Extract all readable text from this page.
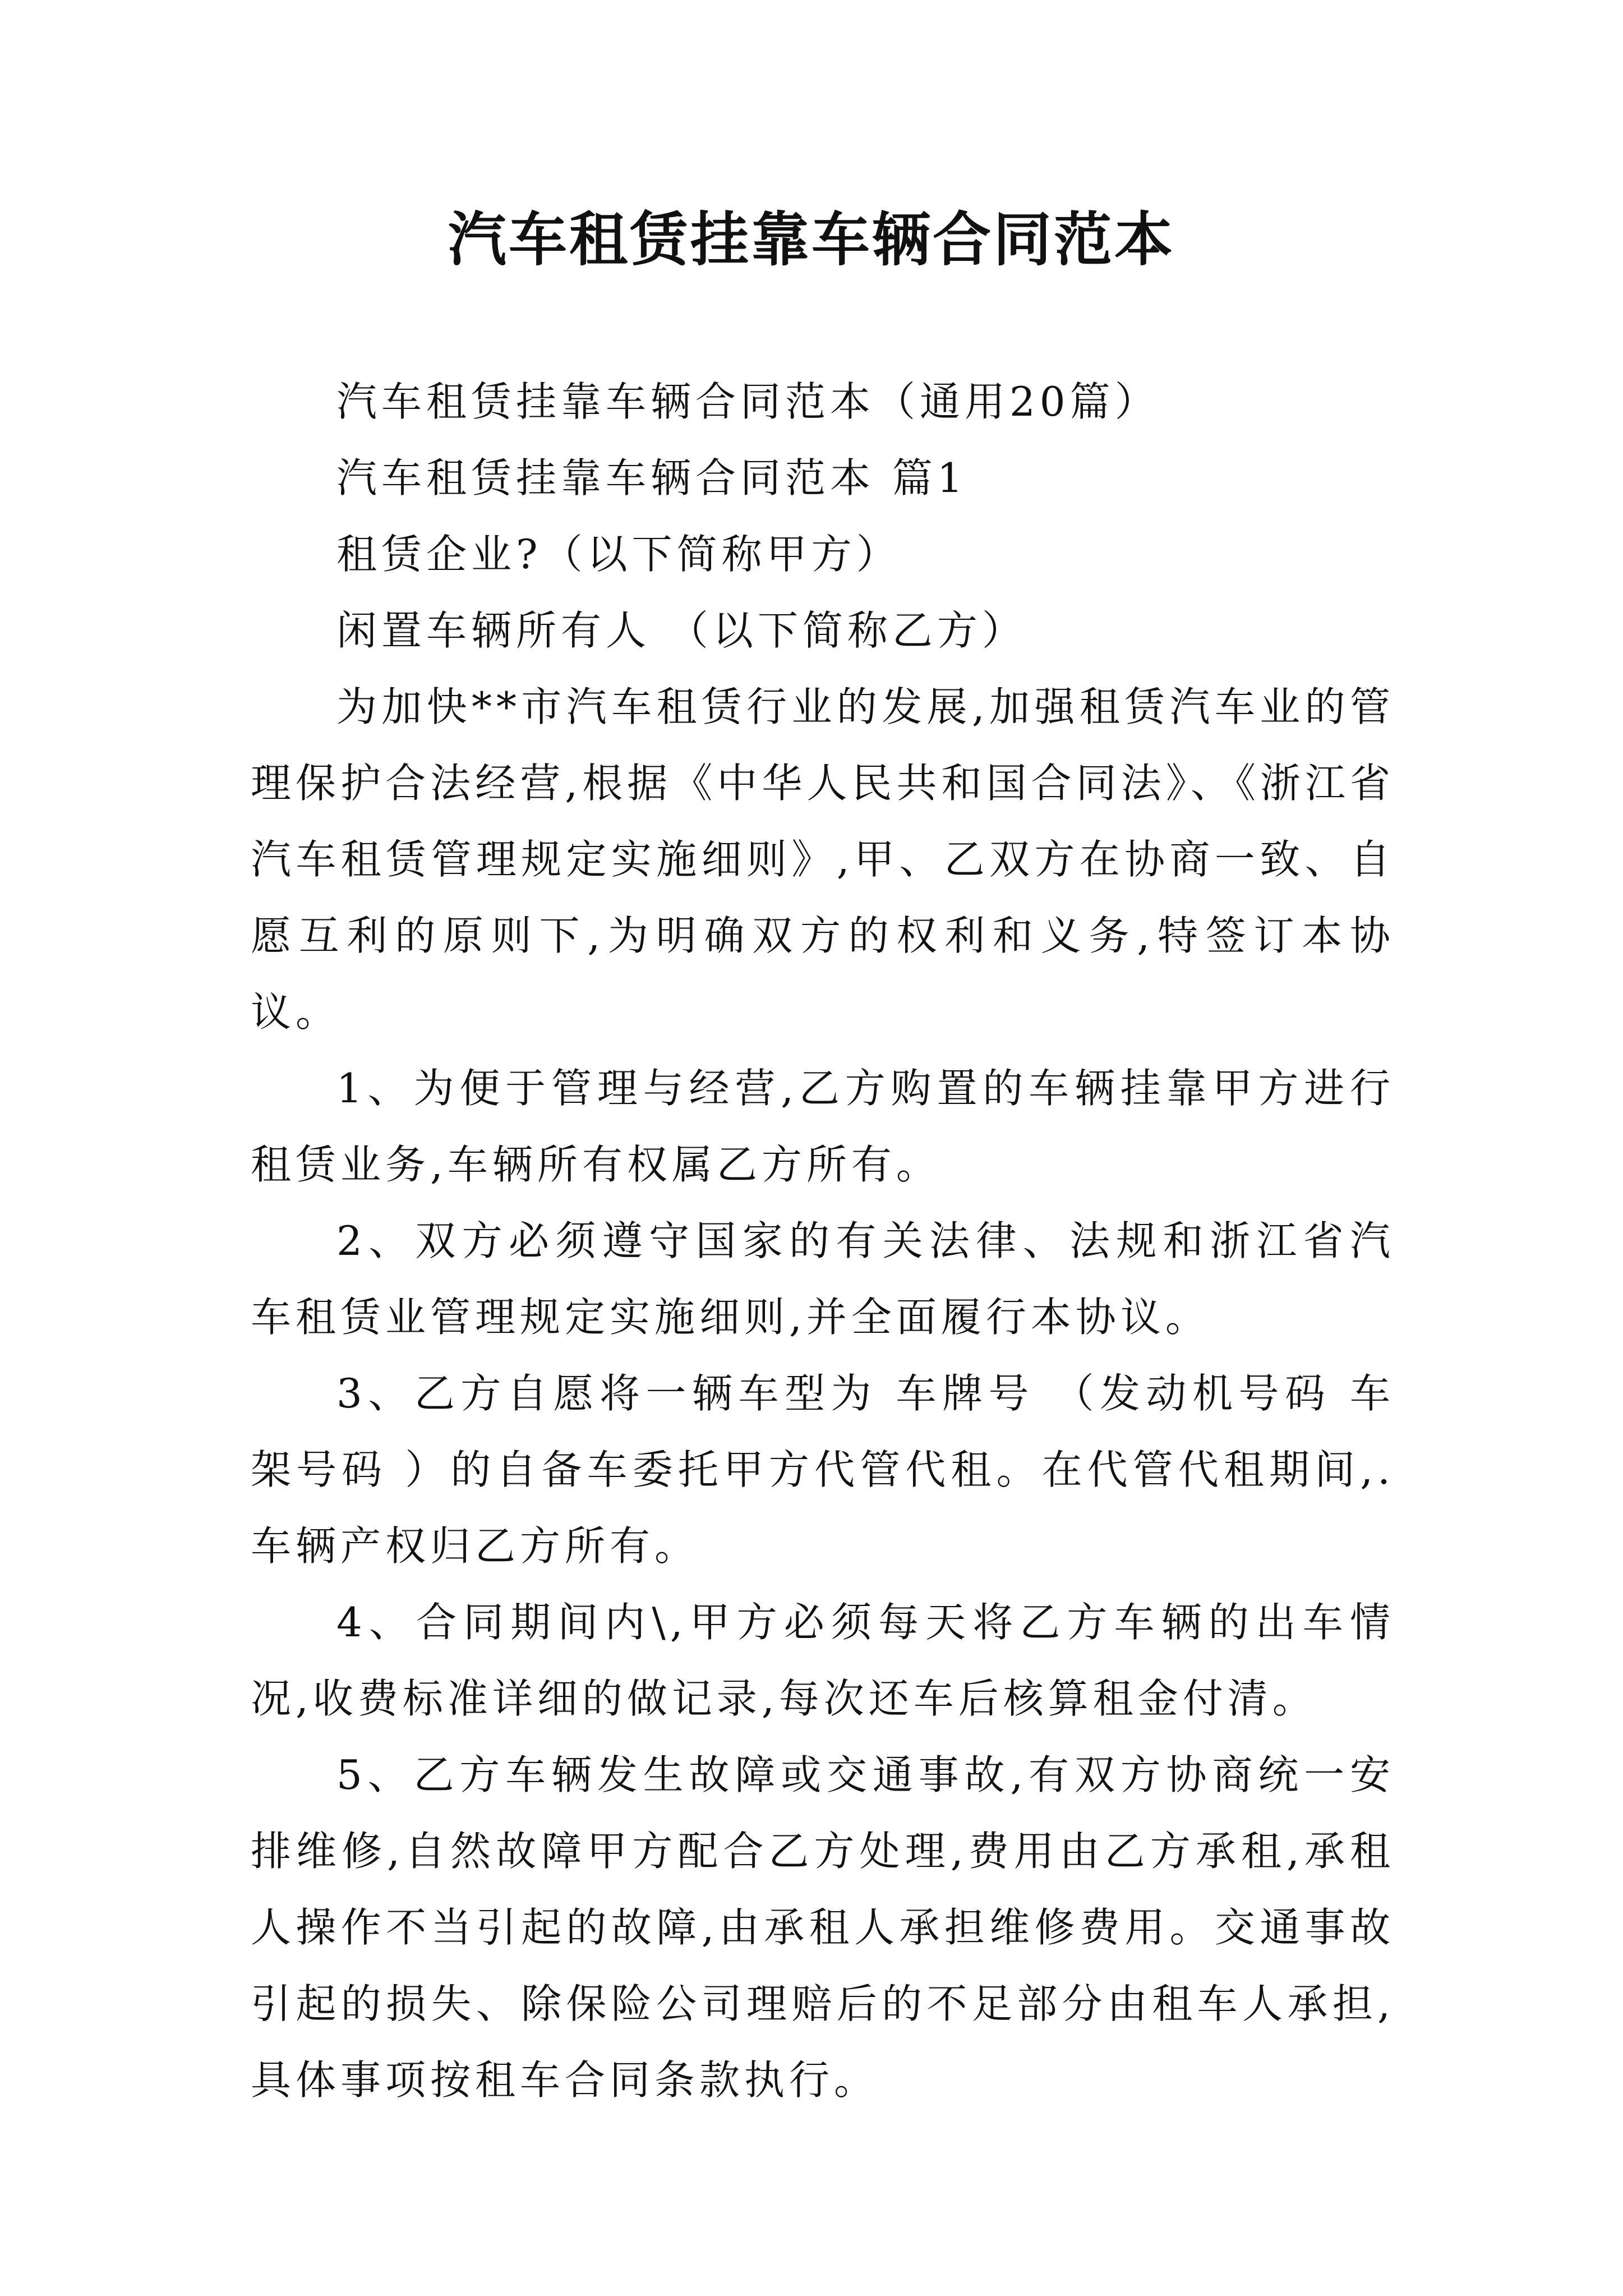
汽车租赁挂靠车辆合同范本

汽车租赁挂靠车辆合同范本（通用20篇）

汽车租赁挂靠车辆合同范本 篇1

租赁企业?（以下简称甲方）

闲置车辆所有人 （以下简称乙方）

为加快**市汽车租赁行业的发展,加强租赁汽车业的管理保护合法经营,根据《中华人民共和国合同法》、《浙江省汽车租赁管理规定实施细则》,甲、乙双方在协商一致、自愿互利的原则下,为明确双方的权利和义务,特签订本协议。

1、为便于管理与经营,乙方购置的车辆挂靠甲方进行租赁业务,车辆所有权属乙方所有。

2、双方必须遵守国家的有关法律、法规和浙江省汽车租赁业管理规定实施细则,并全面履行本协议。

3、乙方自愿将一辆车型为 车牌号 （发动机号码 车架号码 ）的自备车委托甲方代管代租。在代管代租期间,.车辆产权归乙方所有。

4、合同期间内\,甲方必须每天将乙方车辆的出车情况,收费标准详细的做记录,每次还车后核算租金付清。

5、乙方车辆发生故障或交通事故,有双方协商统一安排维修,自然故障甲方配合乙方处理,费用由乙方承租,承租人操作不当引起的故障,由承租人承担维修费用。交通事故引起的损失、除保险公司理赔后的不足部分由租车人承担,具体事项按租车合同条款执行。
